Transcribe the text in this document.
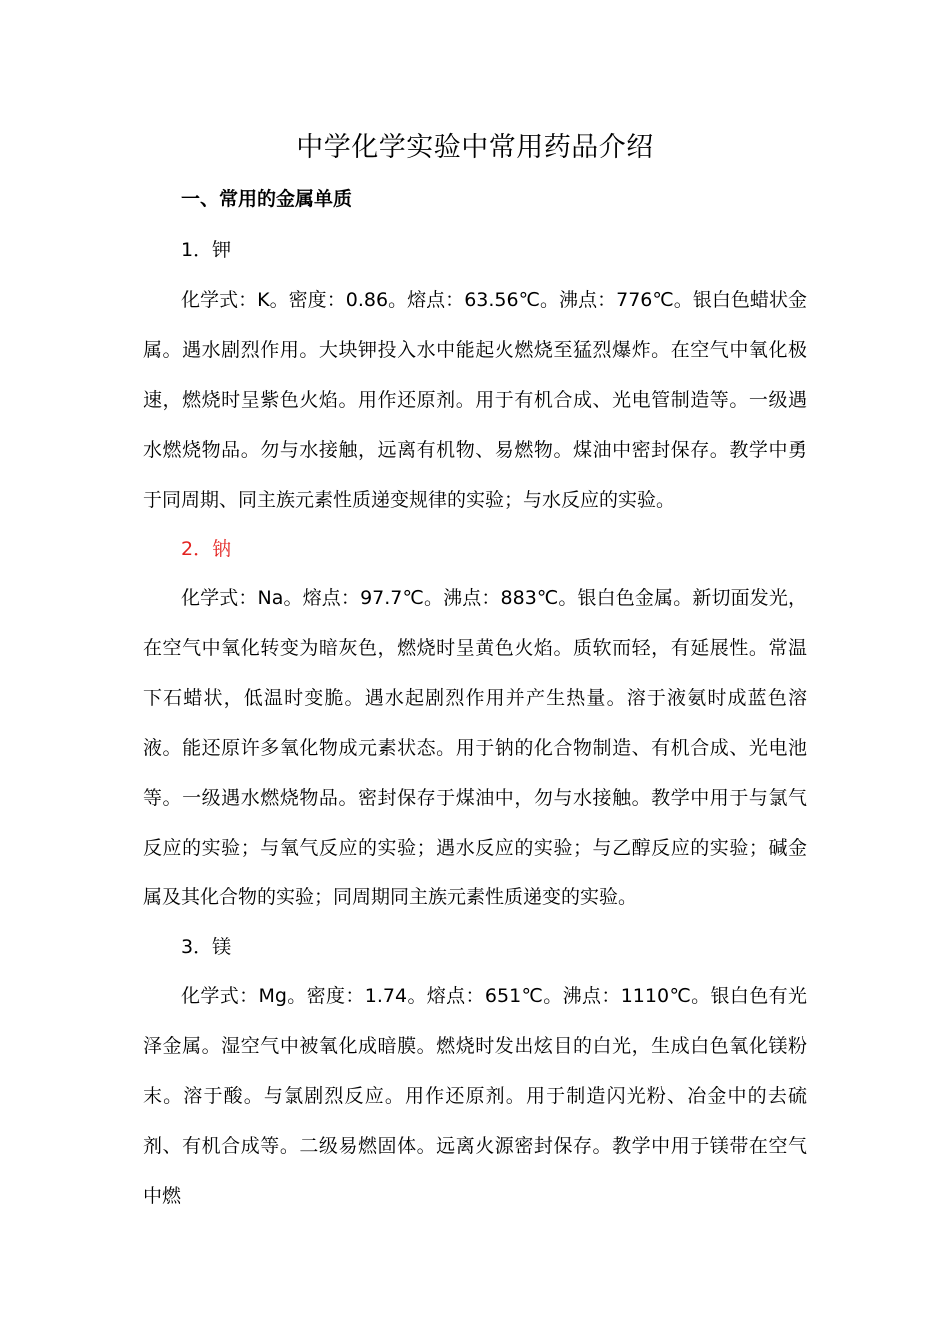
中学化学实验中常用药品介绍
一、常用的金属单质
1．钾
化学式：K。密度：0.86。熔点：63.56℃。沸点：776℃。银白色蜡状金属。遇水剧烈作用。大块钾投入水中能起火燃烧至猛烈爆炸。在空气中氧化极速，燃烧时呈紫色火焰。用作还原剂。用于有机合成、光电管制造等。一级遇水燃烧物品。勿与水接触，远离有机物、易燃物。煤油中密封保存。教学中勇于同周期、同主族元素性质递变规律的实验；与水反应的实验。
2．钠
化学式：Na。熔点：97.7℃。沸点：883℃。银白色金属。新切面发光，在空气中氧化转变为暗灰色，燃烧时呈黄色火焰。质软而轻，有延展性。常温下石蜡状，低温时变脆。遇水起剧烈作用并产生热量。溶于液氨时成蓝色溶液。能还原许多氧化物成元素状态。用于钠的化合物制造、有机合成、光电池等。一级遇水燃烧物品。密封保存于煤油中，勿与水接触。教学中用于与氯气反应的实验；与氧气反应的实验；遇水反应的实验；与乙醇反应的实验；碱金属及其化合物的实验；同周期同主族元素性质递变的实验。
3．镁
化学式：Mg。密度：1.74。熔点：651℃。沸点：1110℃。银白色有光泽金属。湿空气中被氧化成暗膜。燃烧时发出炫目的白光，生成白色氧化镁粉末。溶于酸。与氯剧烈反应。用作还原剂。用于制造闪光粉、冶金中的去硫剂、有机合成等。二级易燃固体。远离火源密封保存。教学中用于镁带在空气中燃
